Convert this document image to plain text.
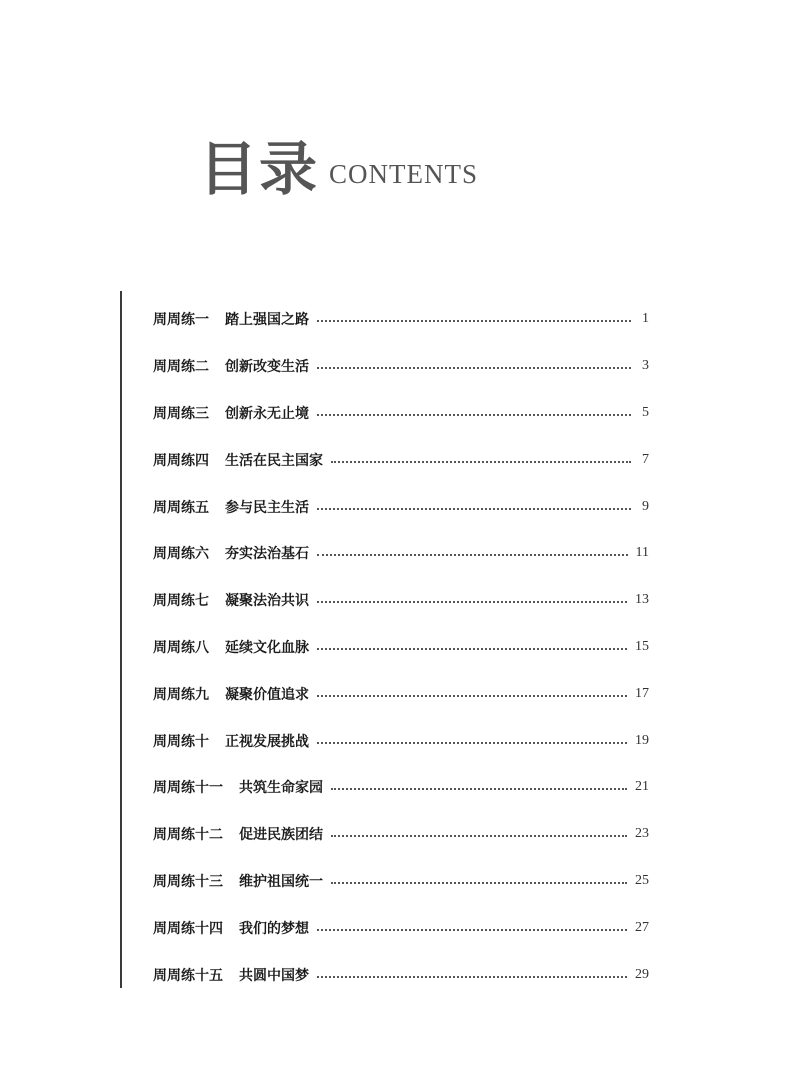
目录 CONTENTS
周周练一 踏上强国之路	1
周周练二 创新改变生活	3
周周练三 创新永无止境	5
周周练四 生活在民主国家	7
周周练五 参与民主生活	9
周周练六 夯实法治基石	11
周周练七 凝聚法治共识	13
周周练八 延续文化血脉	15
周周练九 凝聚价值追求	17
周周练十 正视发展挑战	19
周周练十一 共筑生命家园	21
周周练十二 促进民族团结	23
周周练十三 维护祖国统一	25
周周练十四 我们的梦想	27
周周练十五 共圆中国梦	29
